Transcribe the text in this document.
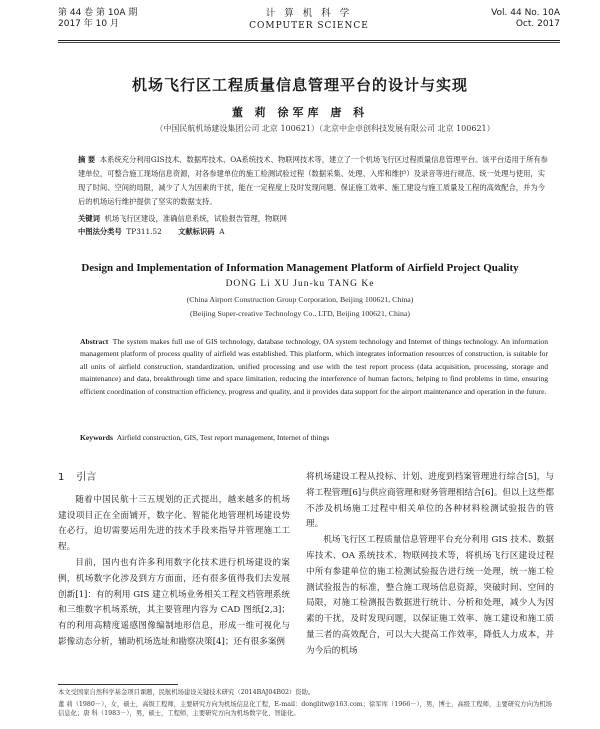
第 44 卷 第 10A 期
2017 年 10 月
计 算 机 科 学
COMPUTER SCIENCE
Vol. 44 No. 10A
Oct. 2017
机场飞行区工程质量信息管理平台的设计与实现
董 莉 徐军库 唐 科
（中国民航机场建设集团公司 北京 100621）（北京中企卓创科技发展有限公司 北京 100621）
摘 要 本系统充分利用GIS技术、数据库技术、OA系统技术、物联网技术等，建立了一个机场飞行区过程质量信息管理平台。该平台适用于所有参建单位，可整合施工现场信息资源，对各参建单位的施工检测试验过程（数据采集、处理、入库和维护）及录音等进行规范、统一处理与使用，实现了时间、空间的局限，减少了人为因素的干扰，能在一定程度上及时发现问题、保证施工效率、施工建设与施工质量及工程的高效配合，并为今后的机场运行维护提供了坚实的数据支持。
关键词 机场飞行区建设，准确信息系统，试验报告管理，物联网
中图法分类号 TP311.52 文献标识码 A
Design and Implementation of Information Management Platform of Airfield Project Quality
DONG Li XU Jun-ku TANG Ke
(China Airport Construction Group Corporation, Beijing 100621, China)
(Beijing Super-creative Technology Co., LTD, Beijing 100621, China)
Abstract The system makes full use of GIS technology, database technology, OA system technology and Internet of things technology. An information management platform of process quality of airfield was established. This platform, which integrates information resources of construction, is suitable for all units of airfield construction, standardization, unified processing and use with the test report process (data acquisition, processing, storage and maintenance) and data, breakthrough time and space limitation, reducing the interference of human factors, helping to find problems in time, ensuring efficient coordination of construction efficiency, progress and quality, and it provides data support for the airport maintenance and operation in the future.
Keywords Airfield construction, GIS, Test report management, Internet of things
1 引言

随着中国民航十三五规划的正式提出，越来越多的机场建设项目正在全面铺开，数字化、智能化地管理机场建设势在必行，迫切需要运用先进的技术手段来指导并管理施工工程。

目前，国内也有许多利用数字化技术进行机场建设的案例，机场数字化涉及到方方面面，还有很多值得我们去发展创新[1]：有的利用 GIS 建立机场业务相关工程文档管理系统和三维数字机场系统，其主要管理内容为 CAD 图纸[2,3]；有的利用高精度遥感图像编制地形信息，形成一维可视化与影像动态分析，辅助机场选址和勘察决策[4]；还有很多案例

将机场建设工程从投标、计划、进度到档案管理进行综合[5]，与将工程管理[6]与供应商管理和财务管理相结合[6]。但以上这些都不涉及机场施工过程中相关单位的各种材料检测试验报告的管理。

机场飞行区工程质量信息管理平台充分利用 GIS 技术、数据库技术、OA 系统技术、物联网技术等，将机场飞行区建设过程中所有参建单位的施工检测试验报告进行统一处理，统一施工检测试验报告的标准，整合施工现场信息资源，突破时间、空间的局限，对施工检测报告数据进行统计、分析和处理，减少人为因素的干扰，及时发现问题，以保证施工效率、施工建设和施工质量三者的高效配合，可以大大提高工作效率，降低人力成本，并为今后的机场

本文受国家自然科学基金项目课题，民航机场建设关键技术研究（2014BAJ04B02）资助。
董 莉（1980－），女，硕士，高级工程师，主要研究方向为机场信息化工程，E-mail：donglitw@163.com；徐军库（1966－），男，博士，高级工程师，主要研究方向为机场信息化；唐 科（1983－），男，硕士，工程师，主要研究方向为机场数字化、智能化。
